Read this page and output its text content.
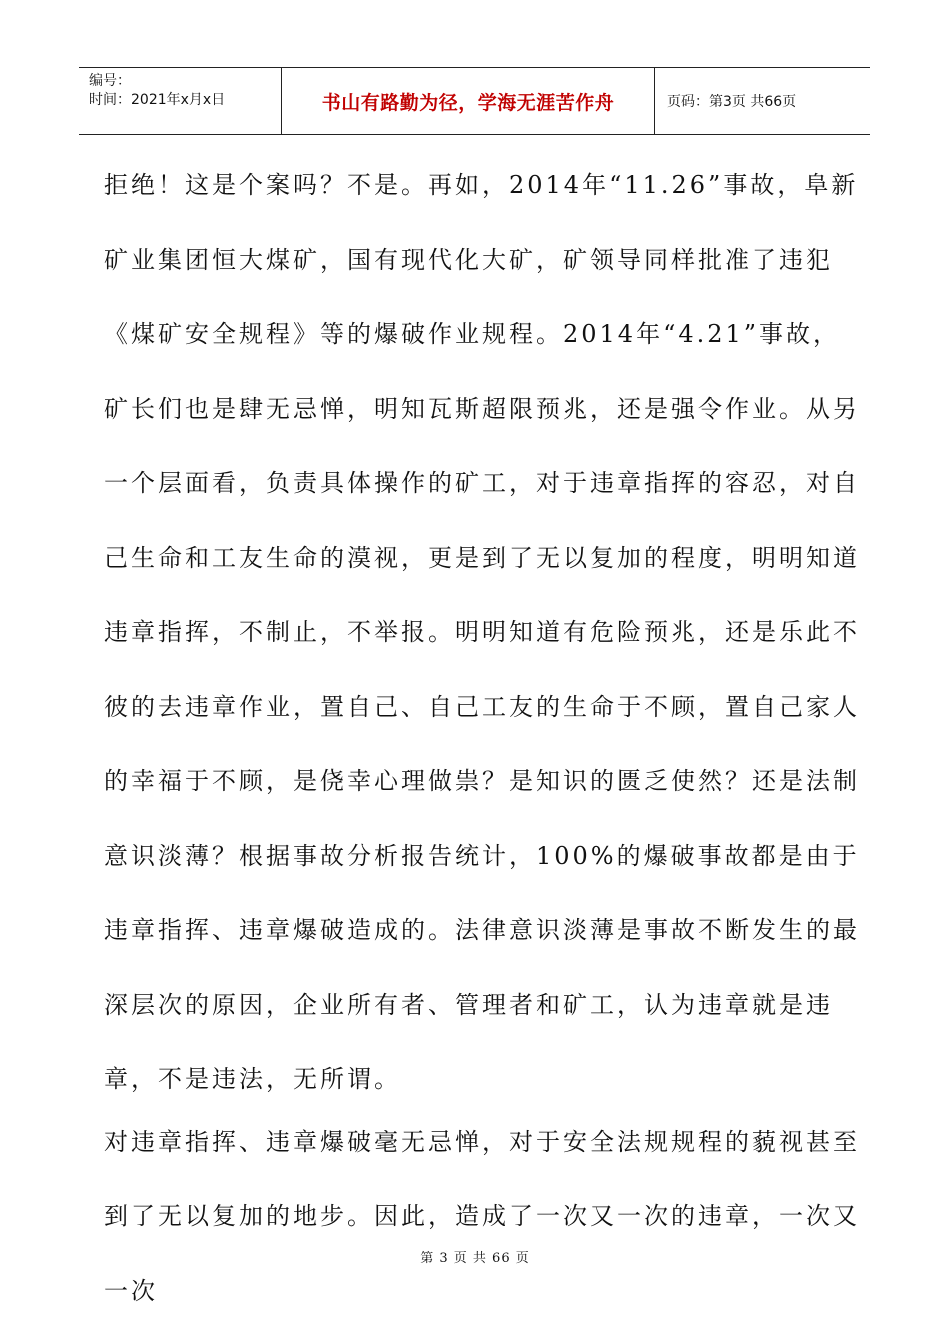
编号：
时间：2021年x月x日	书山有路勤为径，学海无涯苦作舟	页码：第3页 共66页

拒绝！这是个案吗？不是。再如，2014年“11.26”事故，阜新矿业集团恒大煤矿，国有现代化大矿，矿领导同样批准了违犯《煤矿安全规程》等的爆破作业规程。2014年“4.21”事故，矿长们也是肆无忌惮，明知瓦斯超限预兆，还是强令作业。从另一个层面看，负责具体操作的矿工，对于违章指挥的容忍，对自己生命和工友生命的漠视，更是到了无以复加的程度，明明知道违章指挥，不制止，不举报。明明知道有危险预兆，还是乐此不彼的去违章作业，置自己、自己工友的生命于不顾，置自己家人的幸福于不顾，是侥幸心理做祟？是知识的匮乏使然？还是法制意识淡薄？根据事故分析报告统计，100%的爆破事故都是由于违章指挥、违章爆破造成的。法律意识淡薄是事故不断发生的最深层次的原因，企业所有者、管理者和矿工，认为违章就是违章，不是违法，无所谓。

对违章指挥、违章爆破毫无忌惮，对于安全法规规程的藐视甚至到了无以复加的地步。因此，造成了一次又一次的违章，一次又一次

第 3 页 共 66 页
